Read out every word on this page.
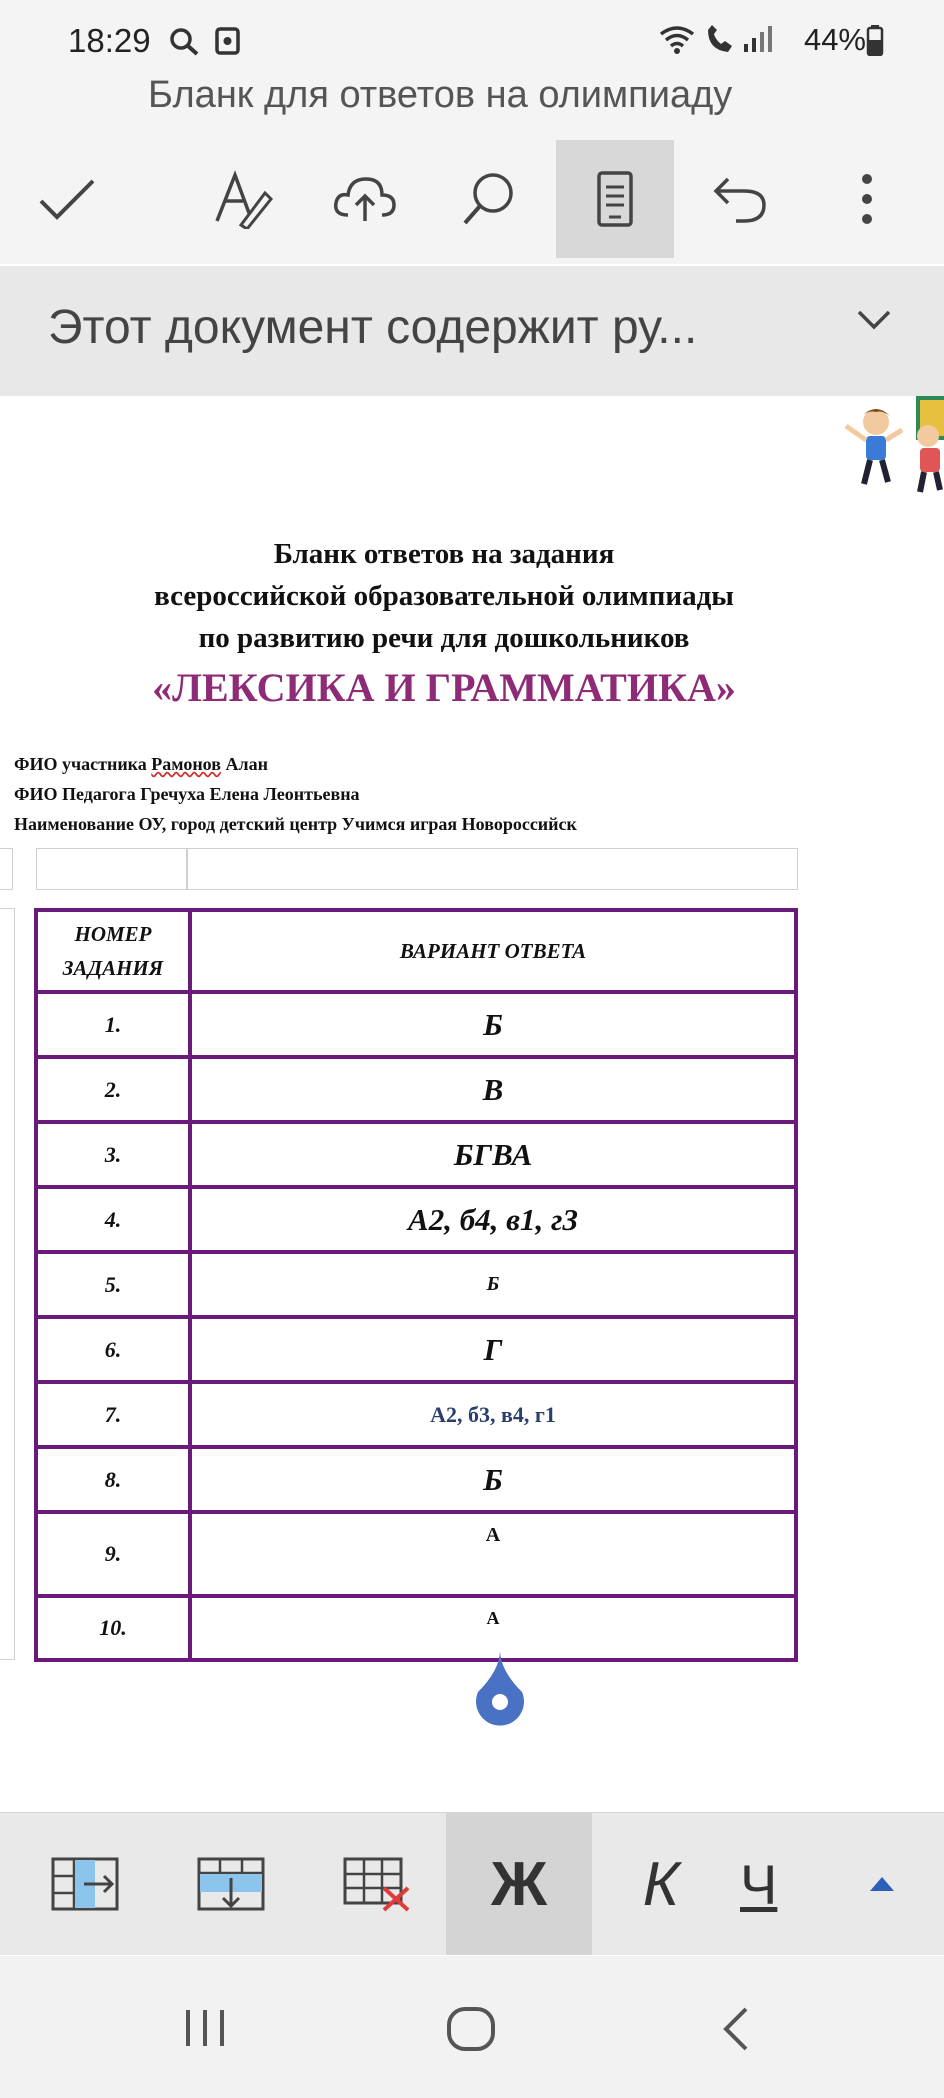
18:29	44%
Бланк для ответов на олимпиаду
Этот документ содержит ру...
Бланк ответов на задания
всероссийской образовательной олимпиады
по развитию речи для дошкольников
«ЛЕКСИКА И ГРАММАТИКА»
ФИО участника Рамонов Алан
ФИО Педагога Гречуха Елена Леонтьевна
Наименование ОУ, город детский центр Учимся играя Новороссийск
НОМЕР ЗАДАНИЯ	ВАРИАНТ ОТВЕТА
1.	Б
2.	В
3.	БГВА
4.	А2, б4, в1, г3
5.	Б
6.	Г
7.	А2, б3, в4, г1
8.	Б
9.	А
10.	А
Ж К Ч
